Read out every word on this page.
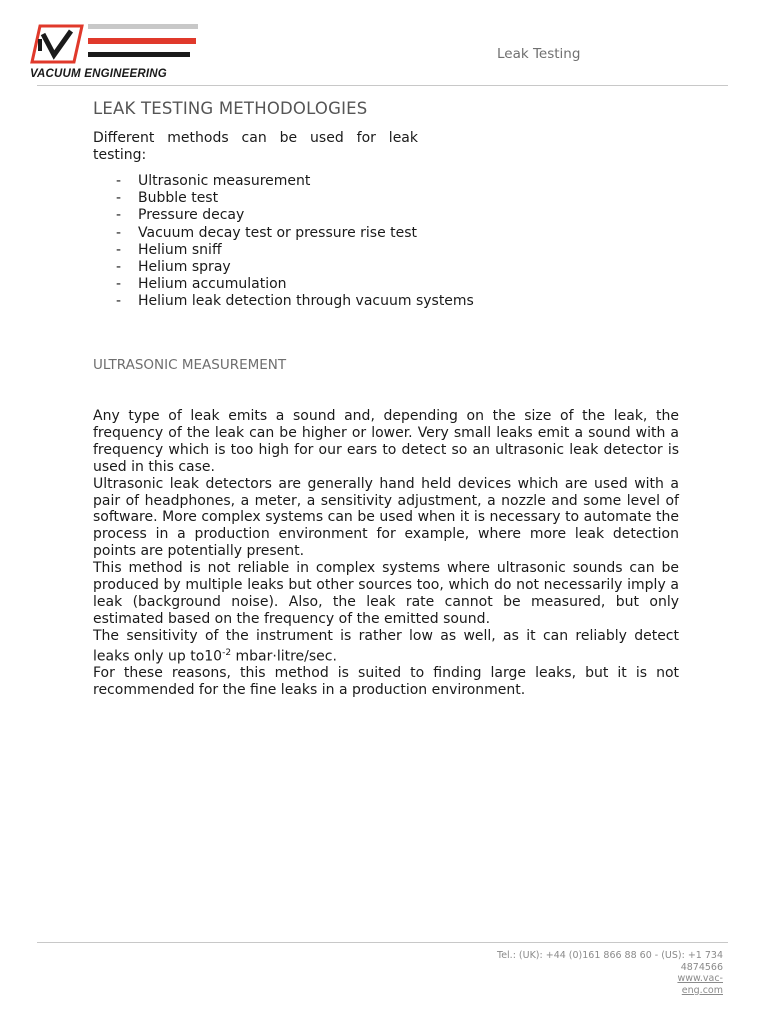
VACUUM ENGINEERING
Leak Testing
LEAK TESTING METHODOLOGIES

Different methods can be used for leak testing:

- Ultrasonic measurement
- Bubble test
- Pressure decay
- Vacuum decay test or pressure rise test
- Helium sniff
- Helium spray
- Helium accumulation
- Helium leak detection through vacuum systems
ULTRASONIC MEASUREMENT

Any type of leak emits a sound and, depending on the size of the leak, the frequency of the leak can be higher or lower. Very small leaks emit a sound with a frequency which is too high for our ears to detect so an ultrasonic leak detector is used in this case.

Ultrasonic leak detectors are generally hand held devices which are used with a pair of headphones, a meter, a sensitivity adjustment, a nozzle and some level of software. More complex systems can be used when it is necessary to automate the process in a production environment for example, where more leak detection points are potentially present.

This method is not reliable in complex systems where ultrasonic sounds can be produced by multiple leaks but other sources too, which do not necessarily imply a leak (background noise). Also, the leak rate cannot be measured, but only estimated based on the frequency of the emitted sound.

The sensitivity of the instrument is rather low as well, as it can reliably detect leaks only up $to10^{-2}$ mbar·litre/sec.

For these reasons, this method is suited to finding large leaks, but it is not recommended for the fine leaks in a production environment.

Tel.: (UK): +44 (0)161 866 88 60 - (US): +1 734 4874566
www.vac-
eng.com
